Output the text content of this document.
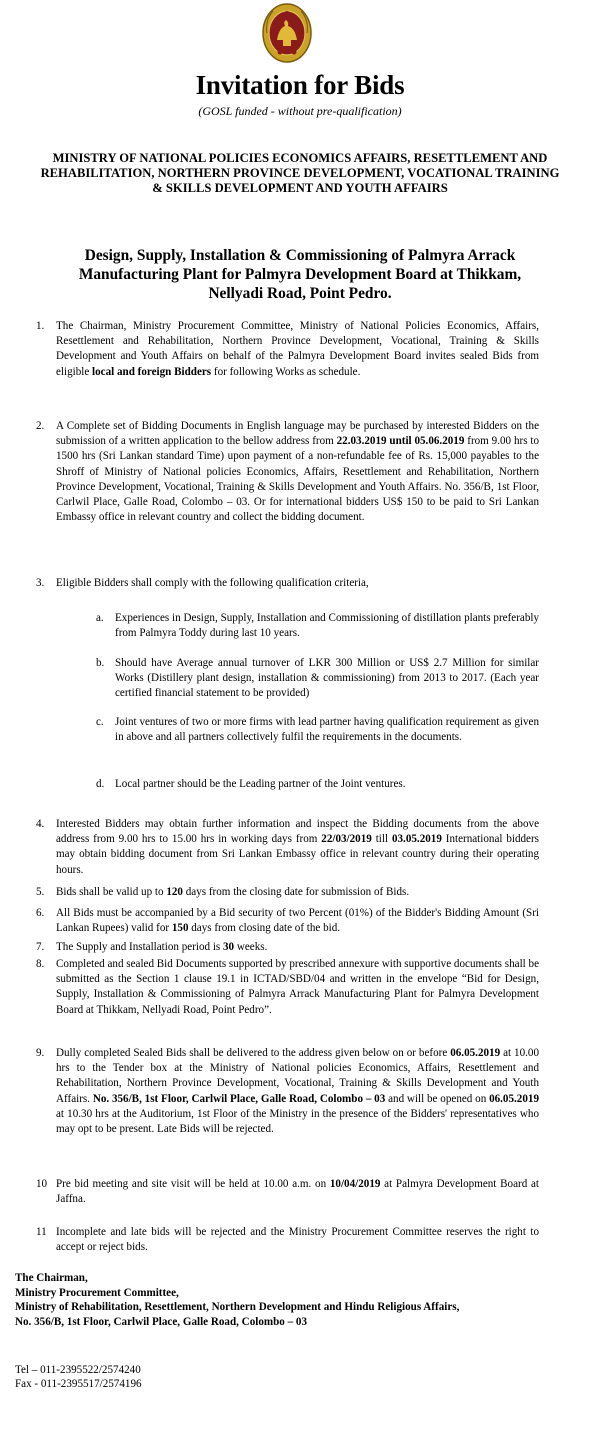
Invitation for Bids
(GOSL funded - without pre-qualification)
MINISTRY OF NATIONAL POLICIES ECONOMICS AFFAIRS, RESETTLEMENT AND REHABILITATION, NORTHERN PROVINCE DEVELOPMENT, VOCATIONAL TRAINING & SKILLS DEVELOPMENT AND YOUTH AFFAIRS
Design, Supply, Installation & Commissioning of Palmyra Arrack Manufacturing Plant for Palmyra Development Board at Thikkam, Nellyadi Road, Point Pedro.
1.	The Chairman, Ministry Procurement Committee, Ministry of National Policies Economics, Affairs, Resettlement and Rehabilitation, Northern Province Development, Vocational, Training & Skills Development and Youth Affairs on behalf of the Palmyra Development Board invites sealed Bids from eligible local and foreign Bidders for following Works as schedule.
2.	A Complete set of Bidding Documents in English language may be purchased by interested Bidders on the submission of a written application to the bellow address from 22.03.2019 until 05.06.2019 from 9.00 hrs to 1500 hrs (Sri Lankan standard Time) upon payment of a non-refundable fee of Rs. 15,000 payables to the Shroff of Ministry of National policies Economics, Affairs, Resettlement and Rehabilitation, Northern Province Development, Vocational, Training & Skills Development and Youth Affairs. No. 356/B, 1st Floor, Carlwil Place, Galle Road, Colombo – 03. Or for international bidders US$ 150 to be paid to Sri Lankan Embassy office in relevant country and collect the bidding document.
3.	Eligible Bidders shall comply with the following qualification criteria,
a.	Experiences in Design, Supply, Installation and Commissioning of distillation plants preferably from Palmyra Toddy during last 10 years.
b. Should have Average annual turnover of LKR 300 Million or US$ 2.7 Million for similar Works (Distillery plant design, installation & commissioning) from 2013 to 2017. (Each year certified financial statement to be provided)
c.	Joint ventures of two or more firms with lead partner having qualification requirement as given in above and all partners collectively fulfil the requirements in the documents.
d. Local partner should be the Leading partner of the Joint ventures.
4.	Interested Bidders may obtain further information and inspect the Bidding documents from the above address from 9.00 hrs to 15.00 hrs in working days from 22/03/2019 till 03.05.2019 International bidders may obtain bidding document from Sri Lankan Embassy office in relevant country during their operating hours.
5.	Bids shall be valid up to 120 days from the closing date for submission of Bids.
6.	All Bids must be accompanied by a Bid security of two Percent (01%) of the Bidder's Bidding Amount (Sri Lankan Rupees) valid for 150 days from closing date of the bid.
7.	The Supply and Installation period is 30 weeks.
8.	Completed and sealed Bid Documents supported by prescribed annexure with supportive documents shall be submitted as the Section 1 clause 19.1 in ICTAD/SBD/04 and written in the envelope “Bid for Design, Supply, Installation & Commissioning of Palmyra Arrack Manufacturing Plant for Palmyra Development Board at Thikkam, Nellyadi Road, Point Pedro”.
9.	Dully completed Sealed Bids shall be delivered to the address given below on or before 06.05.2019 at 10.00 hrs to the Tender box at the Ministry of National policies Economics, Affairs, Resettlement and Rehabilitation, Northern Province Development, Vocational, Training & Skills Development and Youth Affairs. No. 356/B, 1st Floor, Carlwil Place, Galle Road, Colombo – 03 and will be opened on 06.05.2019 at 10.30 hrs at the Auditorium, 1st Floor of the Ministry in the presence of the Bidders' representatives who may opt to be present. Late Bids will be rejected.
10 Pre bid meeting and site visit will be held at 10.00 a.m. on 10/04/2019 at Palmyra Development Board at Jaffna.
11 Incomplete and late bids will be rejected and the Ministry Procurement Committee reserves the right to accept or reject bids.
The Chairman,
Ministry Procurement Committee,
Ministry of Rehabilitation, Resettlement, Northern Development and Hindu Religious Affairs,
No. 356/B, 1st Floor, Carlwil Place, Galle Road, Colombo – 03
Tel – 011-2395522/2574240
Fax - 011-2395517/2574196
